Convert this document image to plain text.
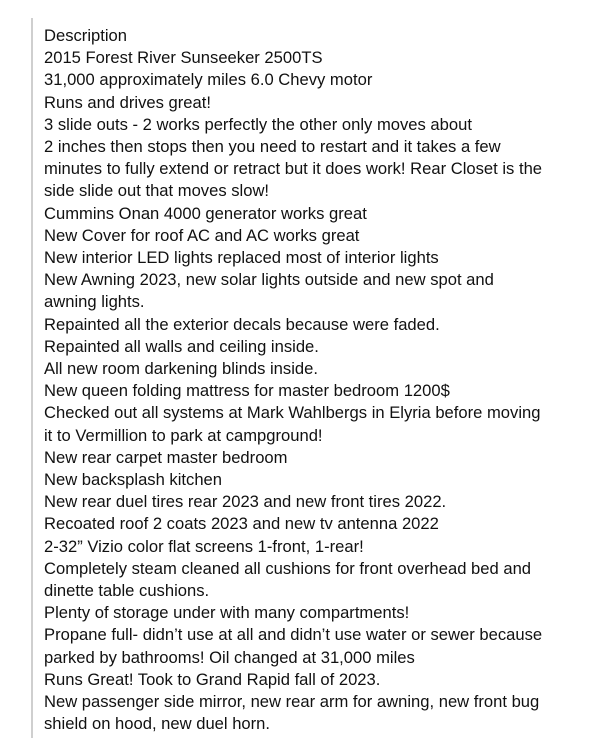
Description
2015 Forest River Sunseeker 2500TS
31,000 approximately miles 6.0 Chevy motor
Runs and drives great!
3 slide outs - 2 works perfectly the other only moves about
2 inches then stops then you need to restart and it takes a few
minutes to fully extend or retract but it does work! Rear Closet is the
side slide out that moves slow!
Cummins Onan 4000 generator works great
New Cover for roof AC and AC works great
New interior LED lights replaced most of interior lights
New Awning 2023, new solar lights outside and new spot and
awning lights.
Repainted all the exterior decals because were faded.
Repainted all walls and ceiling inside.
All new room darkening blinds inside.
New queen folding mattress for master bedroom 1200$
Checked out all systems at Mark Wahlbergs in Elyria before moving
it to Vermillion to park at campground!
New rear carpet master bedroom
New backsplash kitchen
New rear duel tires rear 2023 and new front tires 2022.
Recoated roof 2 coats 2023 and new tv antenna 2022
2-32” Vizio color flat screens 1-front, 1-rear!
Completely steam cleaned all cushions for front overhead bed and
dinette table cushions.
Plenty of storage under with many compartments!
Propane full- didn’t use at all and didn’t use water or sewer because
parked by bathrooms! Oil changed at 31,000 miles
Runs Great! Took to Grand Rapid fall of 2023.
New passenger side mirror, new rear arm for awning, new front bug
shield on hood, new duel horn.
